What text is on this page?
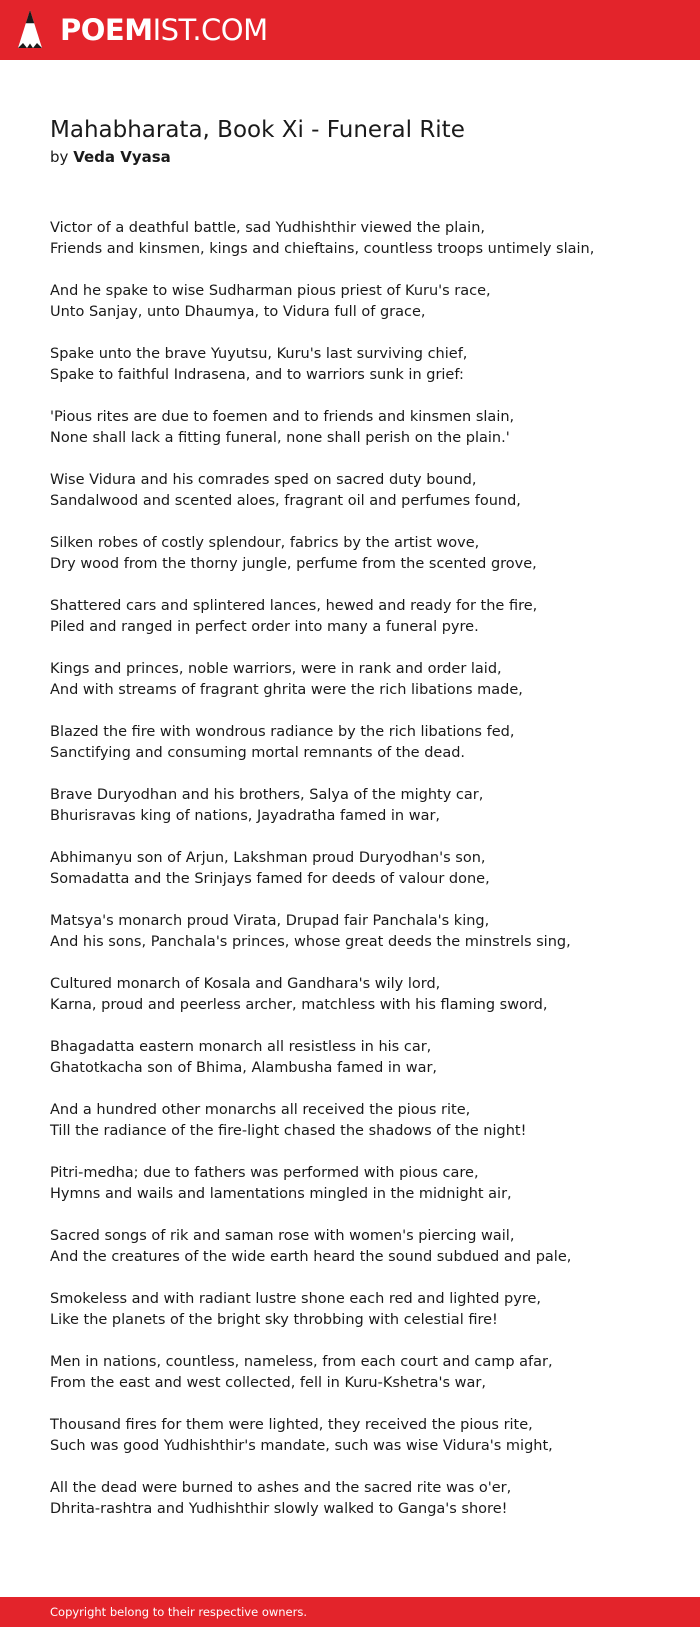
POEM IST.COM
Mahabharata, Book Xi - Funeral Rite
by Veda Vyasa
Victor of a deathful battle, sad Yudhishthir viewed the plain,
Friends and kinsmen, kings and chieftains, countless troops untimely slain,
And he spake to wise Sudharman pious priest of Kuru's race,
Unto Sanjay, unto Dhaumya, to Vidura full of grace,
Spake unto the brave Yuyutsu, Kuru's last surviving chief,
Spake to faithful Indrasena, and to warriors sunk in grief:
'Pious rites are due to foemen and to friends and kinsmen slain,
None shall lack a fitting funeral, none shall perish on the plain.'
Wise Vidura and his comrades sped on sacred duty bound,
Sandalwood and scented aloes, fragrant oil and perfumes found,
Silken robes of costly splendour, fabrics by the artist wove,
Dry wood from the thorny jungle, perfume from the scented grove,
Shattered cars and splintered lances, hewed and ready for the fire,
Piled and ranged in perfect order into many a funeral pyre.
Kings and princes, noble warriors, were in rank and order laid,
And with streams of fragrant ghrita were the rich libations made,
Blazed the fire with wondrous radiance by the rich libations fed,
Sanctifying and consuming mortal remnants of the dead.
Brave Duryodhan and his brothers, Salya of the mighty car,
Bhurisravas king of nations, Jayadratha famed in war,
Abhimanyu son of Arjun, Lakshman proud Duryodhan's son,
Somadatta and the Srinjays famed for deeds of valour done,
Matsya's monarch proud Virata, Drupad fair Panchala's king,
And his sons, Panchala's princes, whose great deeds the minstrels sing,
Cultured monarch of Kosala and Gandhara's wily lord,
Karna, proud and peerless archer, matchless with his flaming sword,
Bhagadatta eastern monarch all resistless in his car,
Ghatotkacha son of Bhima, Alambusha famed in war,
And a hundred other monarchs all received the pious rite,
Till the radiance of the fire-light chased the shadows of the night!
Pitri-medha; due to fathers was performed with pious care,
Hymns and wails and lamentations mingled in the midnight air,
Sacred songs of rik and saman rose with women's piercing wail,
And the creatures of the wide earth heard the sound subdued and pale,
Smokeless and with radiant lustre shone each red and lighted pyre,
Like the planets of the bright sky throbbing with celestial fire!
Men in nations, countless, nameless, from each court and camp afar,
From the east and west collected, fell in Kuru-Kshetra's war,
Thousand fires for them were lighted, they received the pious rite,
Such was good Yudhishthir's mandate, such was wise Vidura's might,
All the dead were burned to ashes and the sacred rite was o'er,
Dhrita-rashtra and Yudhishthir slowly walked to Ganga's shore!
Copyright belong to their respective owners.
